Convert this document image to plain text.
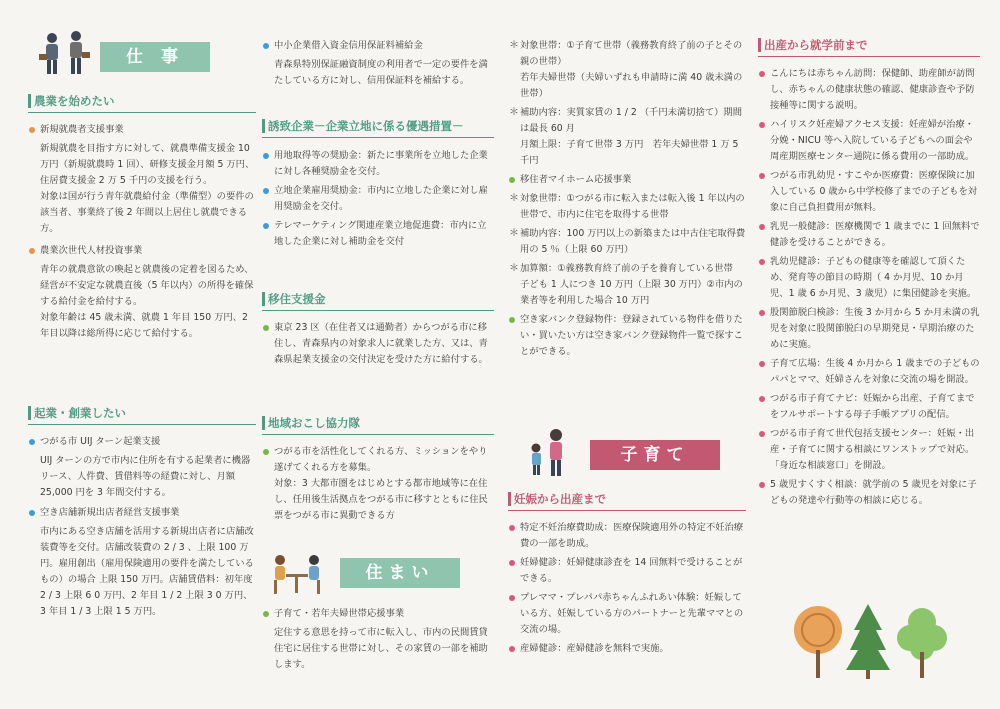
仕 事
農業を始めたい
新規就農者支援事業
新規就農を目指す方に対して、就農準備支援金 10 万円（新規就農時 1 回）、研修支援金月額 5 万円、住居費支援金 2 万 5 千円の支援を行う。
対象は国が行う青年就農給付金（準備型）の要件の該当者、事業終了後 2 年間以上居住し就農できる方。
農業次世代人材投資事業
青年の就農意欲の喚起と就農後の定着を図るため、経営が不安定な就農直後（5 年以内）の所得を確保する給付金を給付する。
対象年齢は 45 歳未満、就農 1 年目 150 万円、2 年目以降は総所得に応じて給付する。
起業・創業したい
つがる市 UIJ ターン起業支援
UIJ ターンの方で市内に住所を有する起業者に機器リース、人件費、賃借料等の経費に対し、月額 25,000 円を 3 年間交付する。
空き店舗新規出店者経営支援事業
市内にある空き店舗を活用する新規出店者に店舗改装費等を交付。店舗改装費の 2 / 3 、上限 100 万円。雇用創出（雇用保険適用の要件を満たしているもの）の場合 上限 150 万円。店舗賃借料：初年度 2 / 3 上限 6 0 万円、2 年目 1 / 2 上限 3 0 万円、3 年目 1 / 3 上限 1 5 万円。
中小企業借入資金信用保証料補給金
青森県特別保証融資制度の利用者で一定の要件を満たしている方に対し、信用保証料を補給する。
誘致企業－企業立地に係る優遇措置－
用地取得等の奨励金：新たに事業所を立地した企業に対し各種奨励金を交付。
立地企業雇用奨励金：市内に立地した企業に対し雇用奨励金を交付。
テレマーケティング関連産業立地促進費：市内に立地した企業に対し補助金を交付
移住支援金
東京 23 区（在住者又は通勤者）からつがる市に移住し、青森県内の対象求人に就業した方、又は、青森県起業支援金の交付決定を受けた方に給付する。
地域おこし協力隊
つがる市を活性化してくれる方、ミッションをやり遂げてくれる方を募集。
対象：3 大都市圏をはじめとする都市地域等に在住し、任用後生活拠点をつがる市に移すとともに住民票をつがる市に異動できる方
住まい
子育て・若年夫婦世帯応援事業
定住する意思を持って市に転入し、市内の民間賃貸住宅に居住する世帯に対し、その家賃の一部を補助します。
＊ 対象世帯：①子育て世帯（義務教育終了前の子とその親の世帯）
若年夫婦世帯（夫婦いずれも申請時に満 40 歳未満の世帯）
＊ 補助内容：実質家賃の 1 / 2 （千円未満切捨て）期間は最長 60 月
月額上限：子育て世帯 3 万円　若年夫婦世帯 1 万 5 千円
移住者マイホーム応援事業
＊ 対象世帯：①つがる市に転入または転入後 1 年以内の世帯で、市内に住宅を取得する世帯
＊ 補助内容：100 万円以上の新築または中古住宅取得費用の 5 ％（上限 60 万円）
＊ 加算額：①義務教育終了前の子を養育している世帯　子ども 1 人につき 10 万円（上限 30 万円）②市内の業者等を利用した場合 10 万円
空き家バンク登録物件：登録されている物件を借りたい・買いたい方は空き家バンク登録物件一覧で探すことができる。
子育て
妊娠から出産まで
特定不妊治療費助成：医療保険適用外の特定不妊治療費の一部を助成。
妊婦健診：妊婦健康診査を 14 回無料で受けることができる。
プレママ・プレパパ赤ちゃんふれあい体験：妊娠している方、妊娠している方のパートナーと先輩ママとの交流の場。
産婦健診：産婦健診を無料で実施。
出産から就学前まで
こんにちは赤ちゃん訪問：保健師、助産師が訪問し、赤ちゃんの健康状態の確認、健康診査や予防接種等に関する説明。
ハイリスク妊産婦アクセス支援：妊産婦が治療・分娩・NICU 等へ入院している子どもへの面会や周産期医療センター通院に係る費用の一部助成。
つがる市乳幼児・すこやか医療費：医療保険に加入している 0 歳から中学校修了までの子どもを対象に自己負担費用が無料。
乳児一般健診：医療機関で 1 歳までに 1 回無料で健診を受けることができる。
乳幼児健診：子どもの健康等を確認して頂くため、発育等の節目の時期（ 4 か月児、10 か月児、1 歳 6 か月児、3 歳児）に集団健診を実施。
股関節脱臼検診：生後 3 か月から 5 か月未満の乳児を対象に股関節脱臼の早期発見・早期治療のために実施。
子育て広場：生後 4 か月から 1 歳までの子どものパパとママ、妊婦さんを対象に交流の場を開設。
つがる市子育てナビ：妊娠から出産、子育てまでをフルサポートする母子手帳アプリの配信。
つがる市子育て世代包括支援センター：妊娠・出産・子育てに関する相談にワンストップで対応。「身近な相談窓口」を開設。
5 歳児すくすく相談：就学前の 5 歳児を対象に子どもの発達や行動等の相談に応じる。
